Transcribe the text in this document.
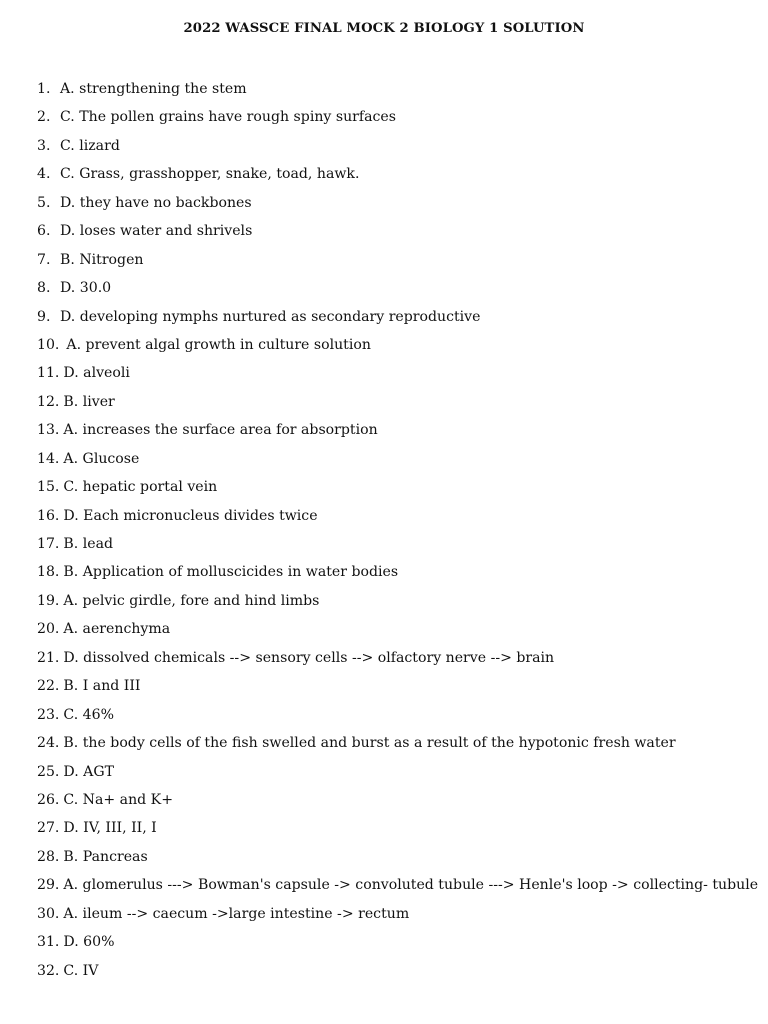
2022 WASSCE FINAL MOCK 2 BIOLOGY 1 SOLUTION
1. A. strengthening the stem
2. C. The pollen grains have rough spiny surfaces
3. C. lizard
4. C. Grass, grasshopper, snake, toad, hawk.
5. D. they have no backbones
6. D. loses water and shrivels
7. B. Nitrogen
8. D. 30.0
9. D. developing nymphs nurtured as secondary reproductive
10. A. prevent algal growth in culture solution
11. D. alveoli
12. B. liver
13. A. increases the surface area for absorption
14. A. Glucose
15. C. hepatic portal vein
16. D. Each micronucleus divides twice
17. B. lead
18. B. Application of molluscicides in water bodies
19. A. pelvic girdle, fore and hind limbs
20. A. aerenchyma
21. D. dissolved chemicals --> sensory cells --> olfactory nerve --> brain
22. B. I and III
23. C. 46%
24. B. the body cells of the fish swelled and burst as a result of the hypotonic fresh water
25. D. AGT
26. C. Na+ and K+
27. D. IV, III, II, I
28. B. Pancreas
29. A. glomerulus ---> Bowman's capsule -> convoluted tubule ---> Henle's loop -> collecting- tubule
30. A. ileum --> caecum ->large intestine -> rectum
31. D. 60%
32. C. IV
